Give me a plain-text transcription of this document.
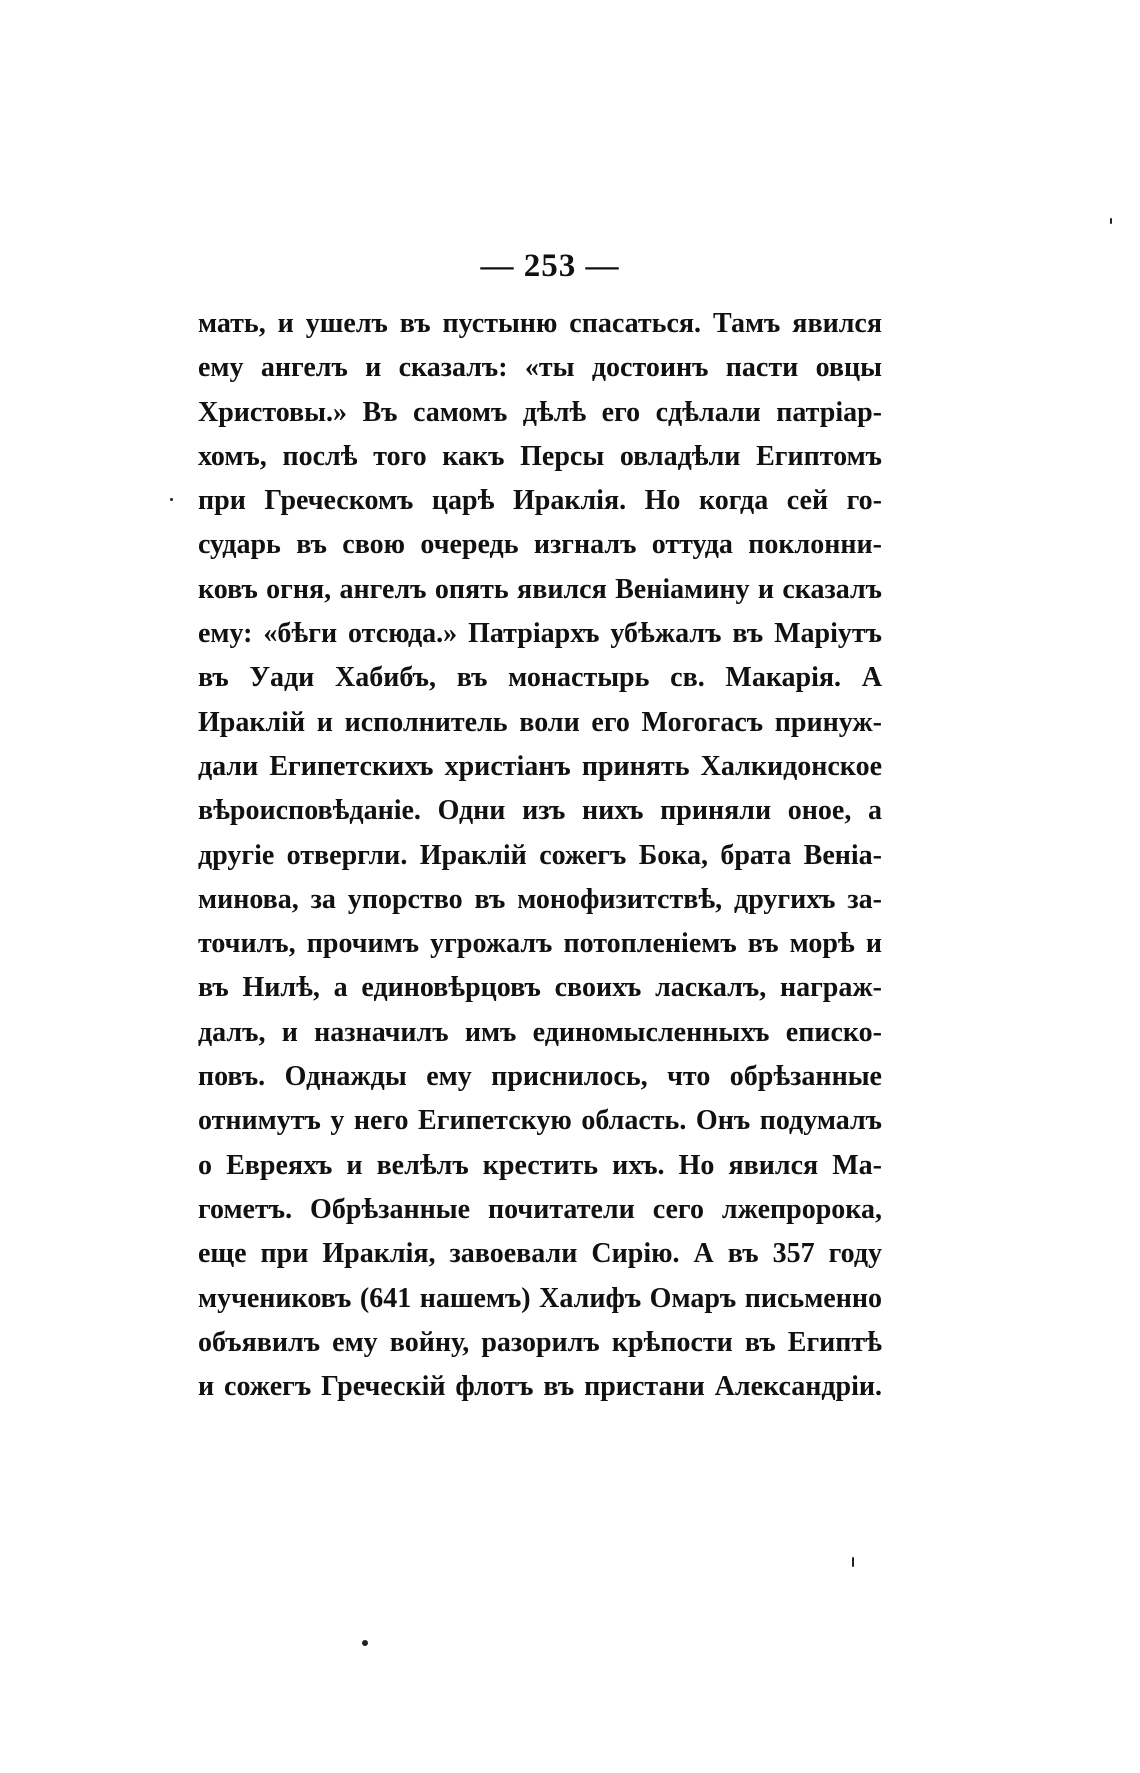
— 253 —
мать, и ушелъ въ пустыню спасаться. Тамъ явился
ему ангелъ и сказалъ: «ты достоинъ пасти овцы
Христовы.» Въ самомъ дѣлѣ его сдѣлали патріар-
хомъ, послѣ того какъ Персы овладѣли Египтомъ
при Греческомъ царѣ Ираклія. Но когда сей го-
сударь въ свою очередь изгналъ оттуда поклонни-
ковъ огня, ангелъ опять явился Веніамину и сказалъ
ему: «бѣги отсюда.» Патріархъ убѣжалъ въ Маріутъ
въ Уади Хабибъ, въ монастырь св. Макарія. А
Ираклій и исполнитель воли его Могогасъ принуж-
дали Египетскихъ христіанъ принять Халкидонское
вѣроисповѣданіе. Одни изъ нихъ приняли оное, а
другіе отвергли. Ираклій сожегъ Бока, брата Веніа-
минова, за упорство въ монофизитствѣ, другихъ за-
точилъ, прочимъ угрожалъ потопленіемъ въ морѣ и
въ Нилѣ, а единовѣрцовъ своихъ ласкалъ, награж-
далъ, и назначилъ имъ единомысленныхъ еписко-
повъ. Однажды ему приснилось, что обрѣзанные
отнимутъ у него Египетскую область. Онъ подумалъ
о Евреяхъ и велѣлъ крестить ихъ. Но явился Ма-
гометъ. Обрѣзанные почитатели сего лжепророка,
еще при Ираклія, завоевали Сирію. А въ 357 году
мучениковъ (641 нашемъ) Халифъ Омаръ письменно
объявилъ ему войну, разорилъ крѣпости въ Египтѣ
и сожегъ Греческій флотъ въ пристани Александріи.
